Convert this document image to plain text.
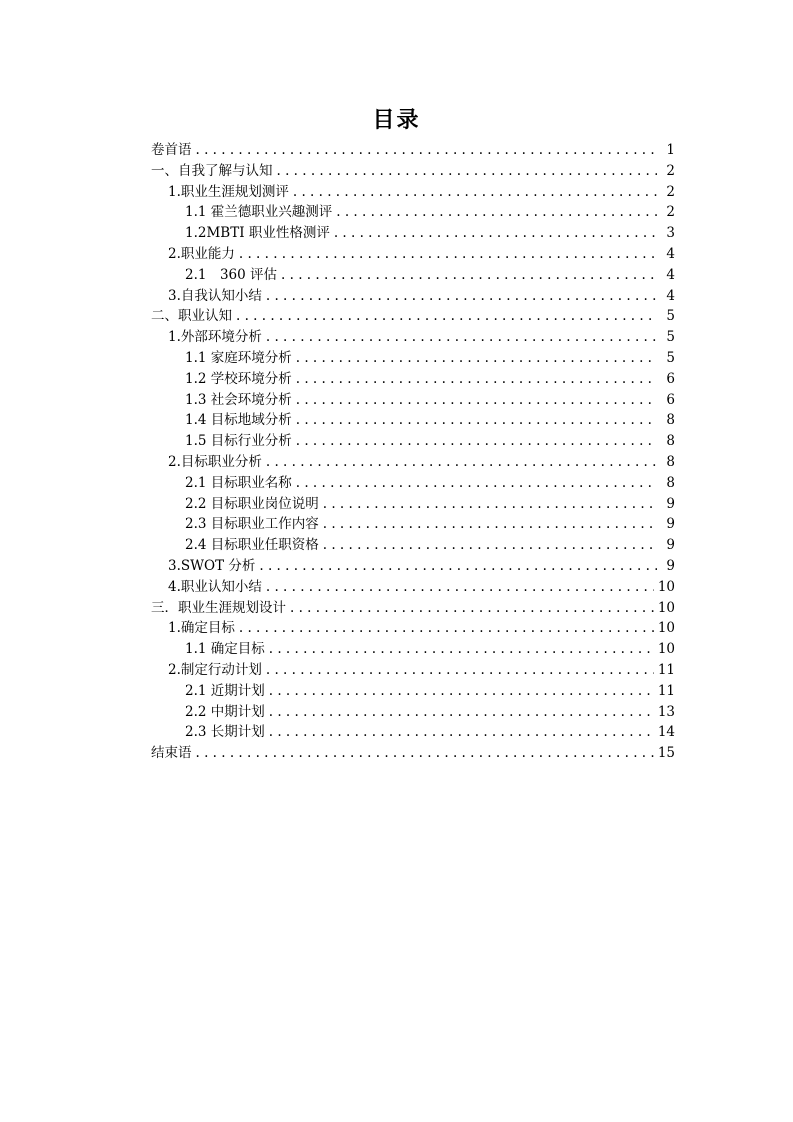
目录
卷首语 . . .	1
一、自我了解与认知 . . .	2
1.职业生涯规划测评 . . .	2
1.1 霍兰德职业兴趣测评 . . .	2
1.2MBTI 职业性格测评 . . .	3
2.职业能力 . . .	4
2.1　360 评估 . . .	4
3.自我认知小结 . . .	4
二、职业认知 . . .	5
1.外部环境分析 . . .	5
1.1 家庭环境分析 . . .	5
1.2 学校环境分析 . . .	6
1.3 社会环境分析 . . .	6
1.4 目标地域分析 . . .	8
1.5 目标行业分析 . . .	8
2.目标职业分析 . . .	8
2.1 目标职业名称 . . .	8
2.2 目标职业岗位说明 . . .	9
2.3 目标职业工作内容 . . .	9
2.4 目标职业任职资格 . . .	9
3.SWOT 分析 . . .	9
4.职业认知小结 . . .	10
三．职业生涯规划设计 . . .	10
1.确定目标 . . .	10
1.1 确定目标 . . .	10
2.制定行动计划 . . .	11
2.1 近期计划 . . .	11
2.2 中期计划 . . .	13
2.3 长期计划 . . .	14
结束语 . . .	15
